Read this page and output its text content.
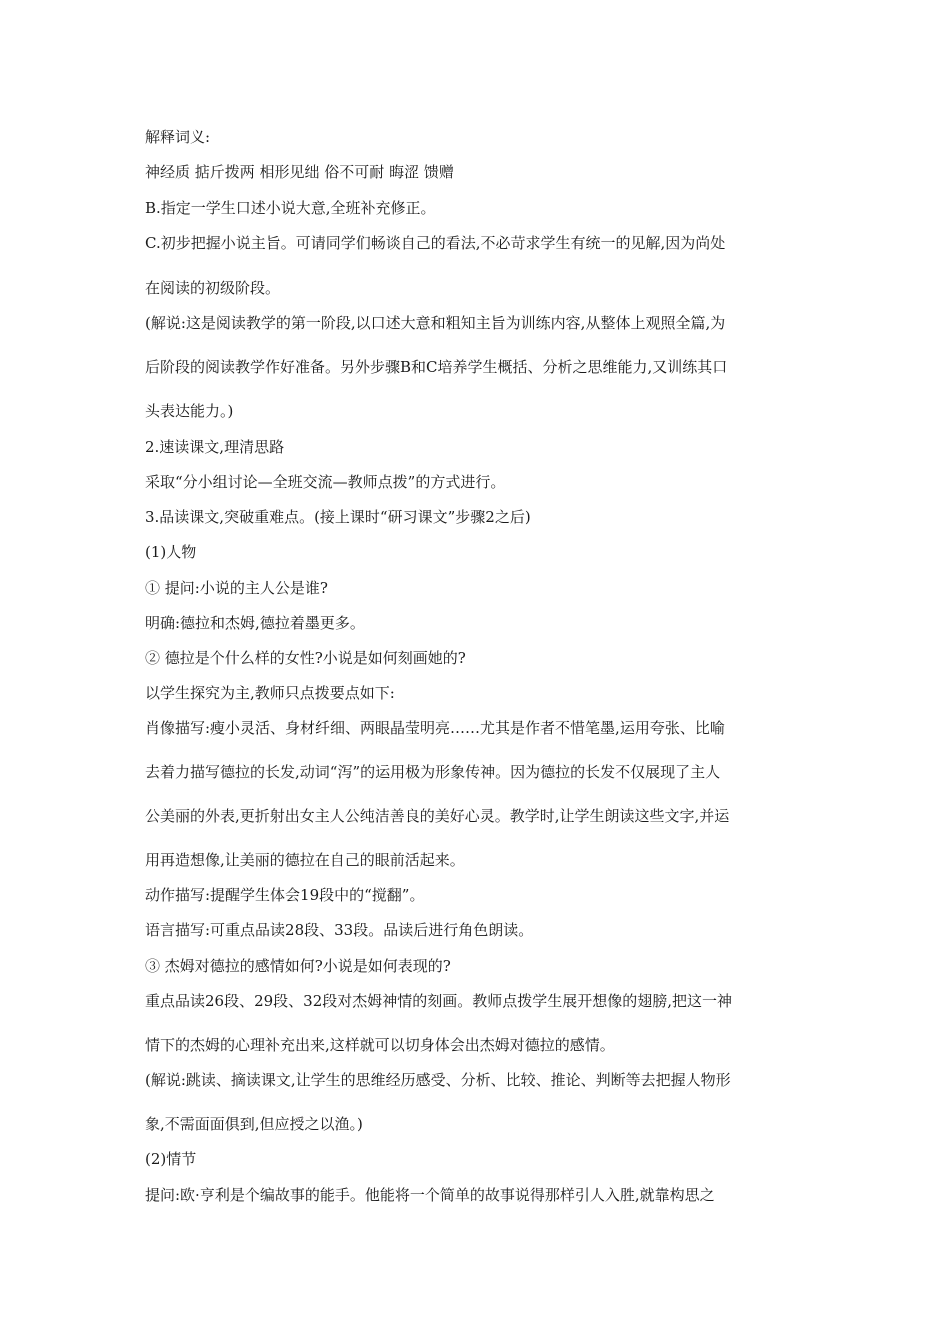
解释词义:
神经质 掂斤拨两 相形见绌 俗不可耐 晦涩 馈赠
B.指定一学生口述小说大意,全班补充修正。
C.初步把握小说主旨。可请同学们畅谈自己的看法,不必苛求学生有统一的见解,因为尚处
在阅读的初级阶段。
(解说:这是阅读教学的第一阶段,以口述大意和粗知主旨为训练内容,从整体上观照全篇,为
后阶段的阅读教学作好准备。另外步骤B和C培养学生概括、分析之思维能力,又训练其口
头表达能力。)
2.速读课文,理清思路
采取“分小组讨论—全班交流—教师点拨”的方式进行。
3.品读课文,突破重难点。(接上课时“研习课文”步骤2之后)
(1)人物
① 提问:小说的主人公是谁?
明确:德拉和杰姆,德拉着墨更多。
② 德拉是个什么样的女性?小说是如何刻画她的?
以学生探究为主,教师只点拨要点如下:
肖像描写:瘦小灵活、身材纤细、两眼晶莹明亮……尤其是作者不惜笔墨,运用夸张、比喻
去着力描写德拉的长发,动词“泻”的运用极为形象传神。因为德拉的长发不仅展现了主人
公美丽的外表,更折射出女主人公纯洁善良的美好心灵。教学时,让学生朗读这些文字,并运
用再造想像,让美丽的德拉在自己的眼前活起来。
动作描写:提醒学生体会19段中的“搅翻”。
语言描写:可重点品读28段、33段。品读后进行角色朗读。
③ 杰姆对德拉的感情如何?小说是如何表现的?
重点品读26段、29段、32段对杰姆神情的刻画。教师点拨学生展开想像的翅膀,把这一神
情下的杰姆的心理补充出来,这样就可以切身体会出杰姆对德拉的感情。
(解说:跳读、摘读课文,让学生的思维经历感受、分析、比较、推论、判断等去把握人物形
象,不需面面俱到,但应授之以渔。)
(2)情节
提问:欧·亨利是个编故事的能手。他能将一个简单的故事说得那样引人入胜,就靠构思之
